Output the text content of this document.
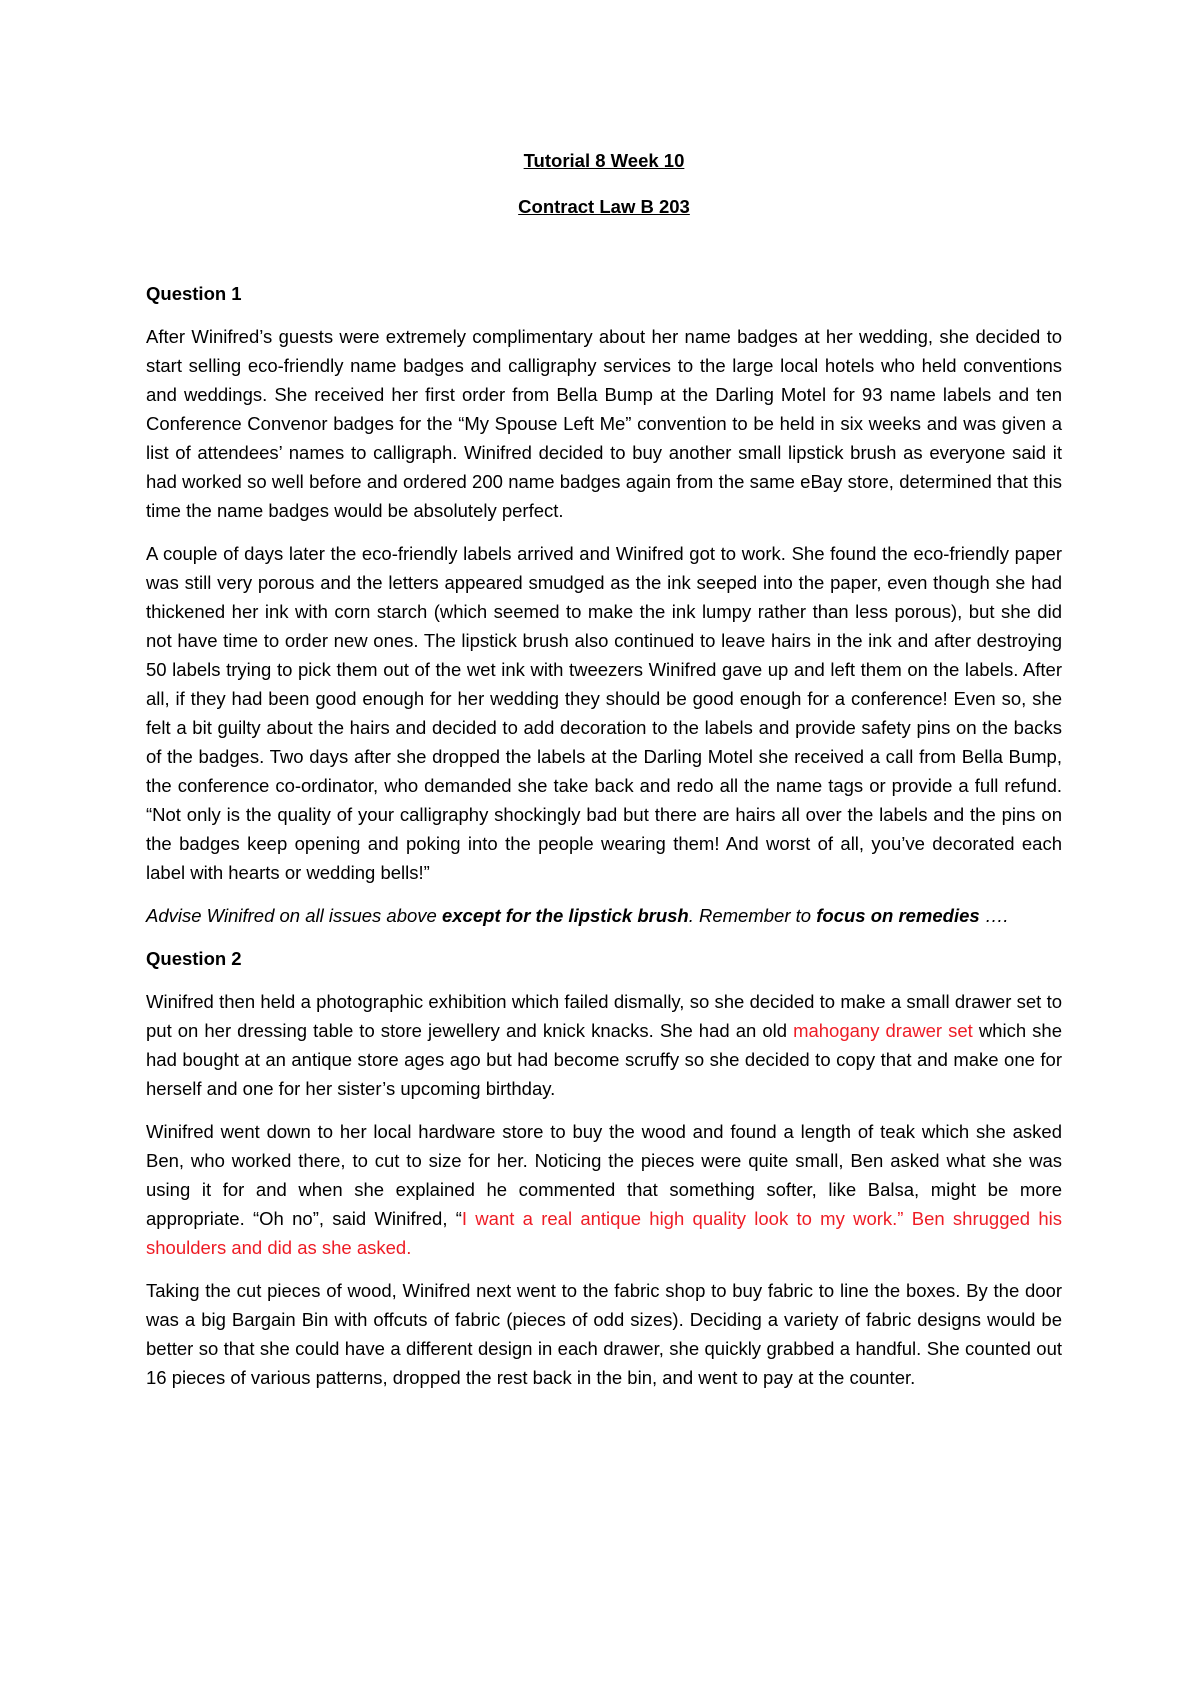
Tutorial 8 Week 10
Contract Law B 203
Question 1

After Winifred’s guests were extremely complimentary about her name badges at her wedding, she decided to start selling eco-friendly name badges and calligraphy services to the large local hotels who held conventions and weddings. She received her first order from Bella Bump at the Darling Motel for 93 name labels and ten Conference Convenor badges for the “My Spouse Left Me” convention to be held in six weeks and was given a list of attendees’ names to calligraph. Winifred decided to buy another small lipstick brush as everyone said it had worked so well before and ordered 200 name badges again from the same eBay store, determined that this time the name badges would be absolutely perfect.

A couple of days later the eco-friendly labels arrived and Winifred got to work. She found the eco-friendly paper was still very porous and the letters appeared smudged as the ink seeped into the paper, even though she had thickened her ink with corn starch (which seemed to make the ink lumpy rather than less porous), but she did not have time to order new ones. The lipstick brush also continued to leave hairs in the ink and after destroying 50 labels trying to pick them out of the wet ink with tweezers Winifred gave up and left them on the labels. After all, if they had been good enough for her wedding they should be good enough for a conference! Even so, she felt a bit guilty about the hairs and decided to add decoration to the labels and provide safety pins on the backs of the badges. Two days after she dropped the labels at the Darling Motel she received a call from Bella Bump, the conference co-ordinator, who demanded she take back and redo all the name tags or provide a full refund. “Not only is the quality of your calligraphy shockingly bad but there are hairs all over the labels and the pins on the badges keep opening and poking into the people wearing them! And worst of all, you’ve decorated each label with hearts or wedding bells!”

Advise Winifred on all issues above except for the lipstick brush. Remember to focus on remedies ….

Question 2

Winifred then held a photographic exhibition which failed dismally, so she decided to make a small drawer set to put on her dressing table to store jewellery and knick knacks. She had an old mahogany drawer set which she had bought at an antique store ages ago but had become scruffy so she decided to copy that and make one for herself and one for her sister’s upcoming birthday.

Winifred went down to her local hardware store to buy the wood and found a length of teak which she asked Ben, who worked there, to cut to size for her. Noticing the pieces were quite small, Ben asked what she was using it for and when she explained he commented that something softer, like Balsa, might be more appropriate. “Oh no”, said Winifred, “I want a real antique high quality look to my work.” Ben shrugged his shoulders and did as she asked.

Taking the cut pieces of wood, Winifred next went to the fabric shop to buy fabric to line the boxes. By the door was a big Bargain Bin with offcuts of fabric (pieces of odd sizes). Deciding a variety of fabric designs would be better so that she could have a different design in each drawer, she quickly grabbed a handful. She counted out 16 pieces of various patterns, dropped the rest back in the bin, and went to pay at the counter.
